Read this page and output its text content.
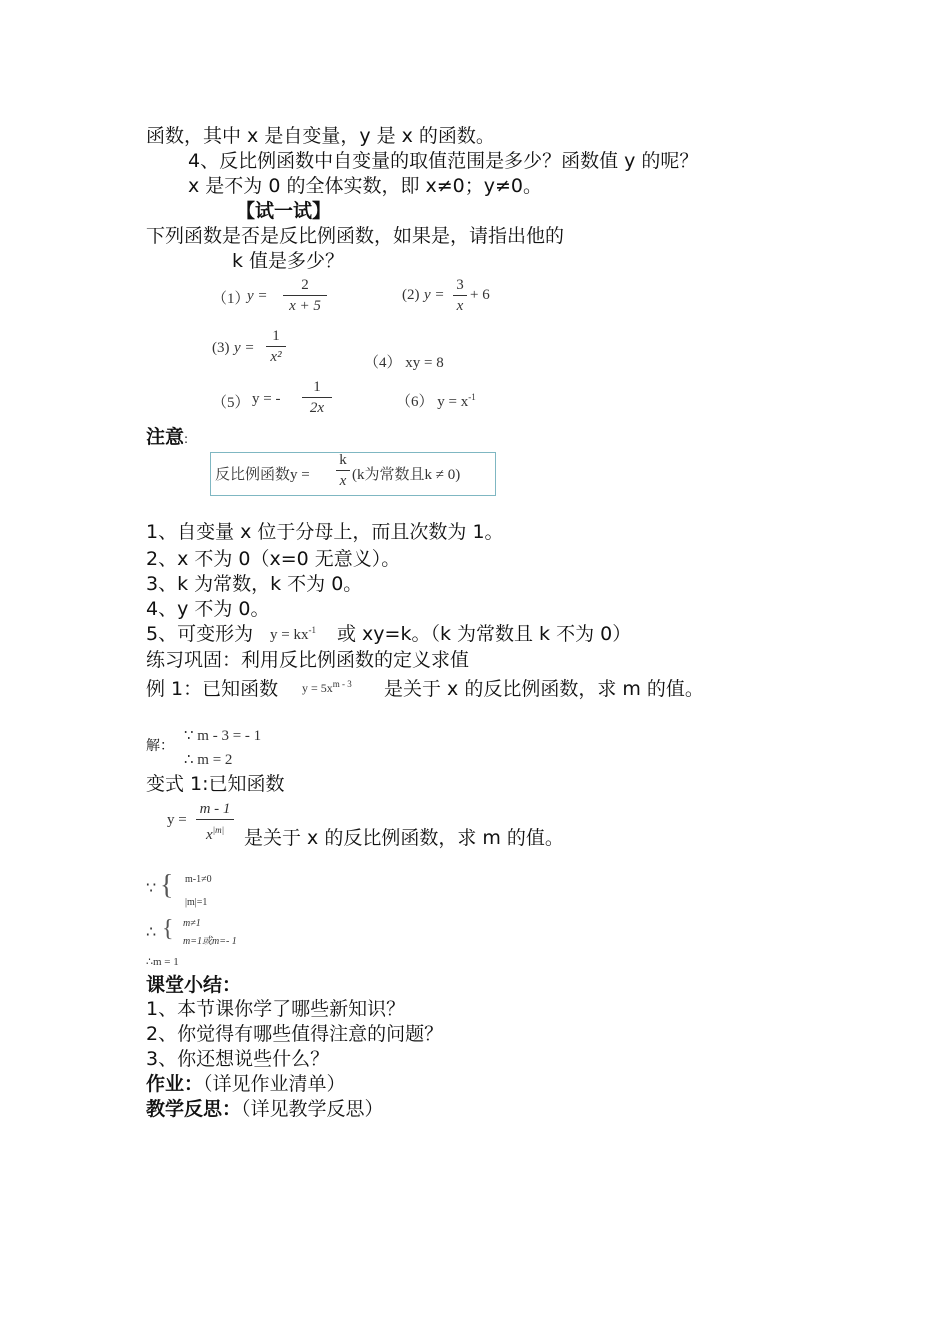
函数，其中 x 是自变量，y 是 x 的函数。
4、反比例函数中自变量的取值范围是多少？函数值 y 的呢？
x 是不为 0 的全体实数，即 x≠0；y≠0。
【试一试】
下列函数是否是反比例函数，如果是，请指出他的
k 值是多少？
（1）
y =
2
x + 5
(2) y =
3
x
+ 6
(3) y =
1
x²	（4） xy = 8
（5） y = -
1
2x	（6） $y = x^{-1}$
注意:
反比例函数y =
k
x (k为常数且k ≠ 0)
1、自变量 x 位于分母上，而且次数为 1。
2、x 不为 0（x=0 无意义）。
3、k 为常数，k 不为 0。
4、y 不为 0。
5、可变形为 $y = kx^{-1}$ 或 xy=k。（k 为常数且 k 不为 0）
练习巩固：利用反比例函数的定义求值
例 1：已知函数 $y = 5x^{m - 3}$ 是关于 x 的反比例函数，求 m 的值。
解：
∵ m - 3 = - 1
∴ m = 2
变式 1:已知函数
y =
m - 1
$x^{|m|}$	是关于 x 的反比例函数，求 m 的值。
∵ { m-1≠0
|m|=1
∴ { m≠1
m=1或m=- 1
∴m = 1
课堂小结：
1、本节课你学了哪些新知识？
2、你觉得有哪些值得注意的问题？
3、你还想说些什么？
作业：（详见作业清单）
教学反思：（详见教学反思）
